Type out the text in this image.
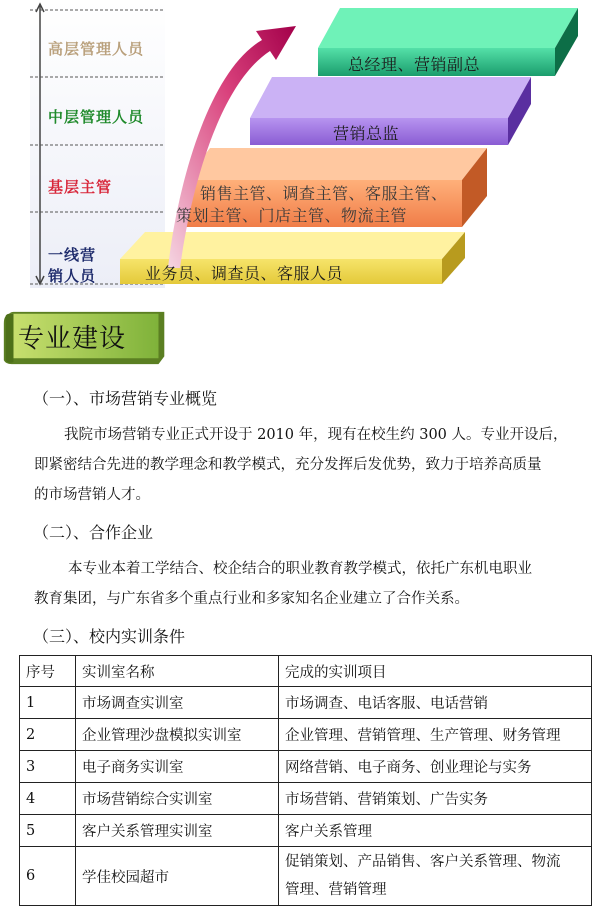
高层管理人员
中层管理人员
基层主管
一线营
销人员
总经理、营销副总
营销总监
销售主管、调查主管、客服主管、
策划主管、门店主管、物流主管
业务员、调查员、客服人员
专业建设
（一）、市场营销专业概览
我院市场营销专业正式开设于 2010 年，现有在校生约 300 人。专业开设后，
即紧密结合先进的教学理念和教学模式，充分发挥后发优势，致力于培养高质量
的市场营销人才。
（二）、合作企业
本专业本着工学结合、校企结合的职业教育教学模式，依托广东机电职业
教育集团，与广东省多个重点行业和多家知名企业建立了合作关系。
（三）、校内实训条件
序号	实训室名称	完成的实训项目
1	市场调查实训室	市场调查、电话客服、电话营销
2	企业管理沙盘模拟实训室	企业管理、营销管理、生产管理、财务管理
3	电子商务实训室	网络营销、电子商务、创业理论与实务
4	市场营销综合实训室	市场营销、营销策划、广告实务
5	客户关系管理实训室	客户关系管理
6	学佳校园超市	促销策划、产品销售、客户关系管理、物流
管理、营销管理
